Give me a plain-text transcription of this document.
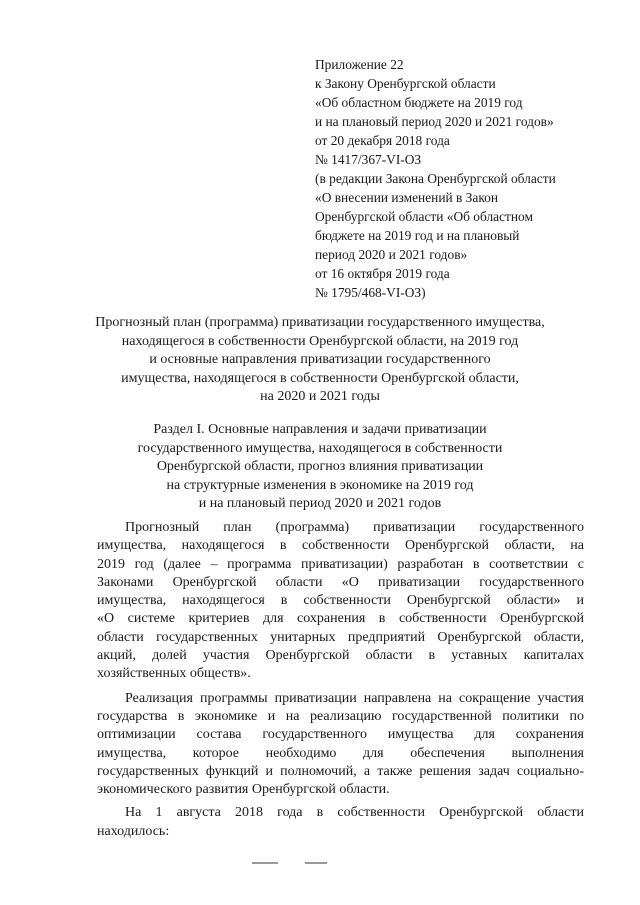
Приложение 22
к Закону Оренбургской области
«Об областном бюджете на 2019 год
и на плановый период 2020 и 2021 годов»
от 20 декабря 2018 года
№ 1417/367-VI-ОЗ
(в редакции Закона Оренбургской области
«О внесении изменений в Закон
Оренбургской области «Об областном
бюджете на 2019 год и на плановый
период 2020 и 2021 годов»
от 16 октября 2019 года
№ 1795/468-VI-ОЗ)
Прогнозный план (программа) приватизации государственного имущества,
находящегося в собственности Оренбургской области, на 2019 год
и основные направления приватизации государственного
имущества, находящегося в собственности Оренбургской области,
на 2020 и 2021 годы
Раздел I. Основные направления и задачи приватизации
государственного имущества, находящегося в собственности
Оренбургской области, прогноз влияния приватизации
на структурные изменения в экономике на 2019 год
и на плановый период 2020 и 2021 годов

Прогнозный план (программа) приватизации государственного
имущества, находящегося в собственности Оренбургской области, на
2019 год (далее – программа приватизации) разработан в соответствии с
Законами Оренбургской области «О приватизации государственного
имущества, находящегося в собственности Оренбургской области» и
«О системе критериев для сохранения в собственности Оренбургской
области государственных унитарных предприятий Оренбургской области,
акций, долей участия Оренбургской области в уставных капиталах
хозяйственных обществ».

Реализация программы приватизации направлена на сокращение участия
государства в экономике и на реализацию государственной политики по
оптимизации состава государственного имущества для сохранения
имущества, которое необходимо для обеспечения выполнения
государственных функций и полномочий, а также решения задач социально-
экономического развития Оренбургской области.

На 1 августа 2018 года в собственности Оренбургской области
находилось:
